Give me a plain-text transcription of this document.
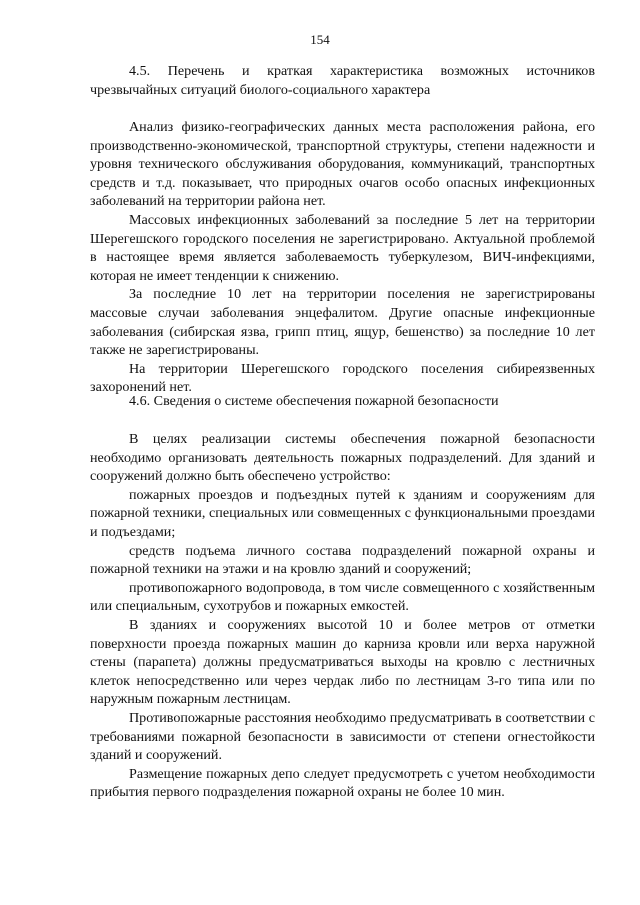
154

4.5. Перечень и краткая характеристика возможных источников чрезвычайных ситуаций биолого-социального характера

Анализ физико-географических данных места расположения района, его производственно-экономической, транспортной структуры, степени надежности и уровня технического обслуживания оборудования, коммуникаций, транспортных средств и т.д. показывает, что природных очагов особо опасных инфекционных заболеваний на территории района нет.

Массовых инфекционных заболеваний за последние 5 лет на территории Шерегешского городского поселения не зарегистрировано. Актуальной проблемой в настоящее время является заболеваемость туберкулезом, ВИЧ-инфекциями, которая не имеет тенденции к снижению.

За последние 10 лет на территории поселения не зарегистрированы массовые случаи заболевания энцефалитом. Другие опасные инфекционные заболевания (сибирская язва, грипп птиц, ящур, бешенство) за последние 10 лет также не зарегистрированы.

На территории Шерегешского городского поселения сибиреязвенных захоронений нет.

4.6. Сведения о системе обеспечения пожарной безопасности

В целях реализации системы обеспечения пожарной безопасности необходимо организовать деятельность пожарных подразделений. Для зданий и сооружений должно быть обеспечено устройство:

пожарных проездов и подъездных путей к зданиям и сооружениям для пожарной техники, специальных или совмещенных с функциональными проездами и подъездами;

средств подъема личного состава подразделений пожарной охраны и пожарной техники на этажи и на кровлю зданий и сооружений;

противопожарного водопровода, в том числе совмещенного с хозяйственным или специальным, сухотрубов и пожарных емкостей.

В зданиях и сооружениях высотой 10 и более метров от отметки поверхности проезда пожарных машин до карниза кровли или верха наружной стены (парапета) должны предусматриваться выходы на кровлю с лестничных клеток непосредственно или через чердак либо по лестницам 3-го типа или по наружным пожарным лестницам.

Противопожарные расстояния необходимо предусматривать в соответствии с требованиями пожарной безопасности в зависимости от степени огнестойкости зданий и сооружений.

Размещение пожарных депо следует предусмотреть с учетом необходимости прибытия первого подразделения пожарной охраны не более 10 мин.
